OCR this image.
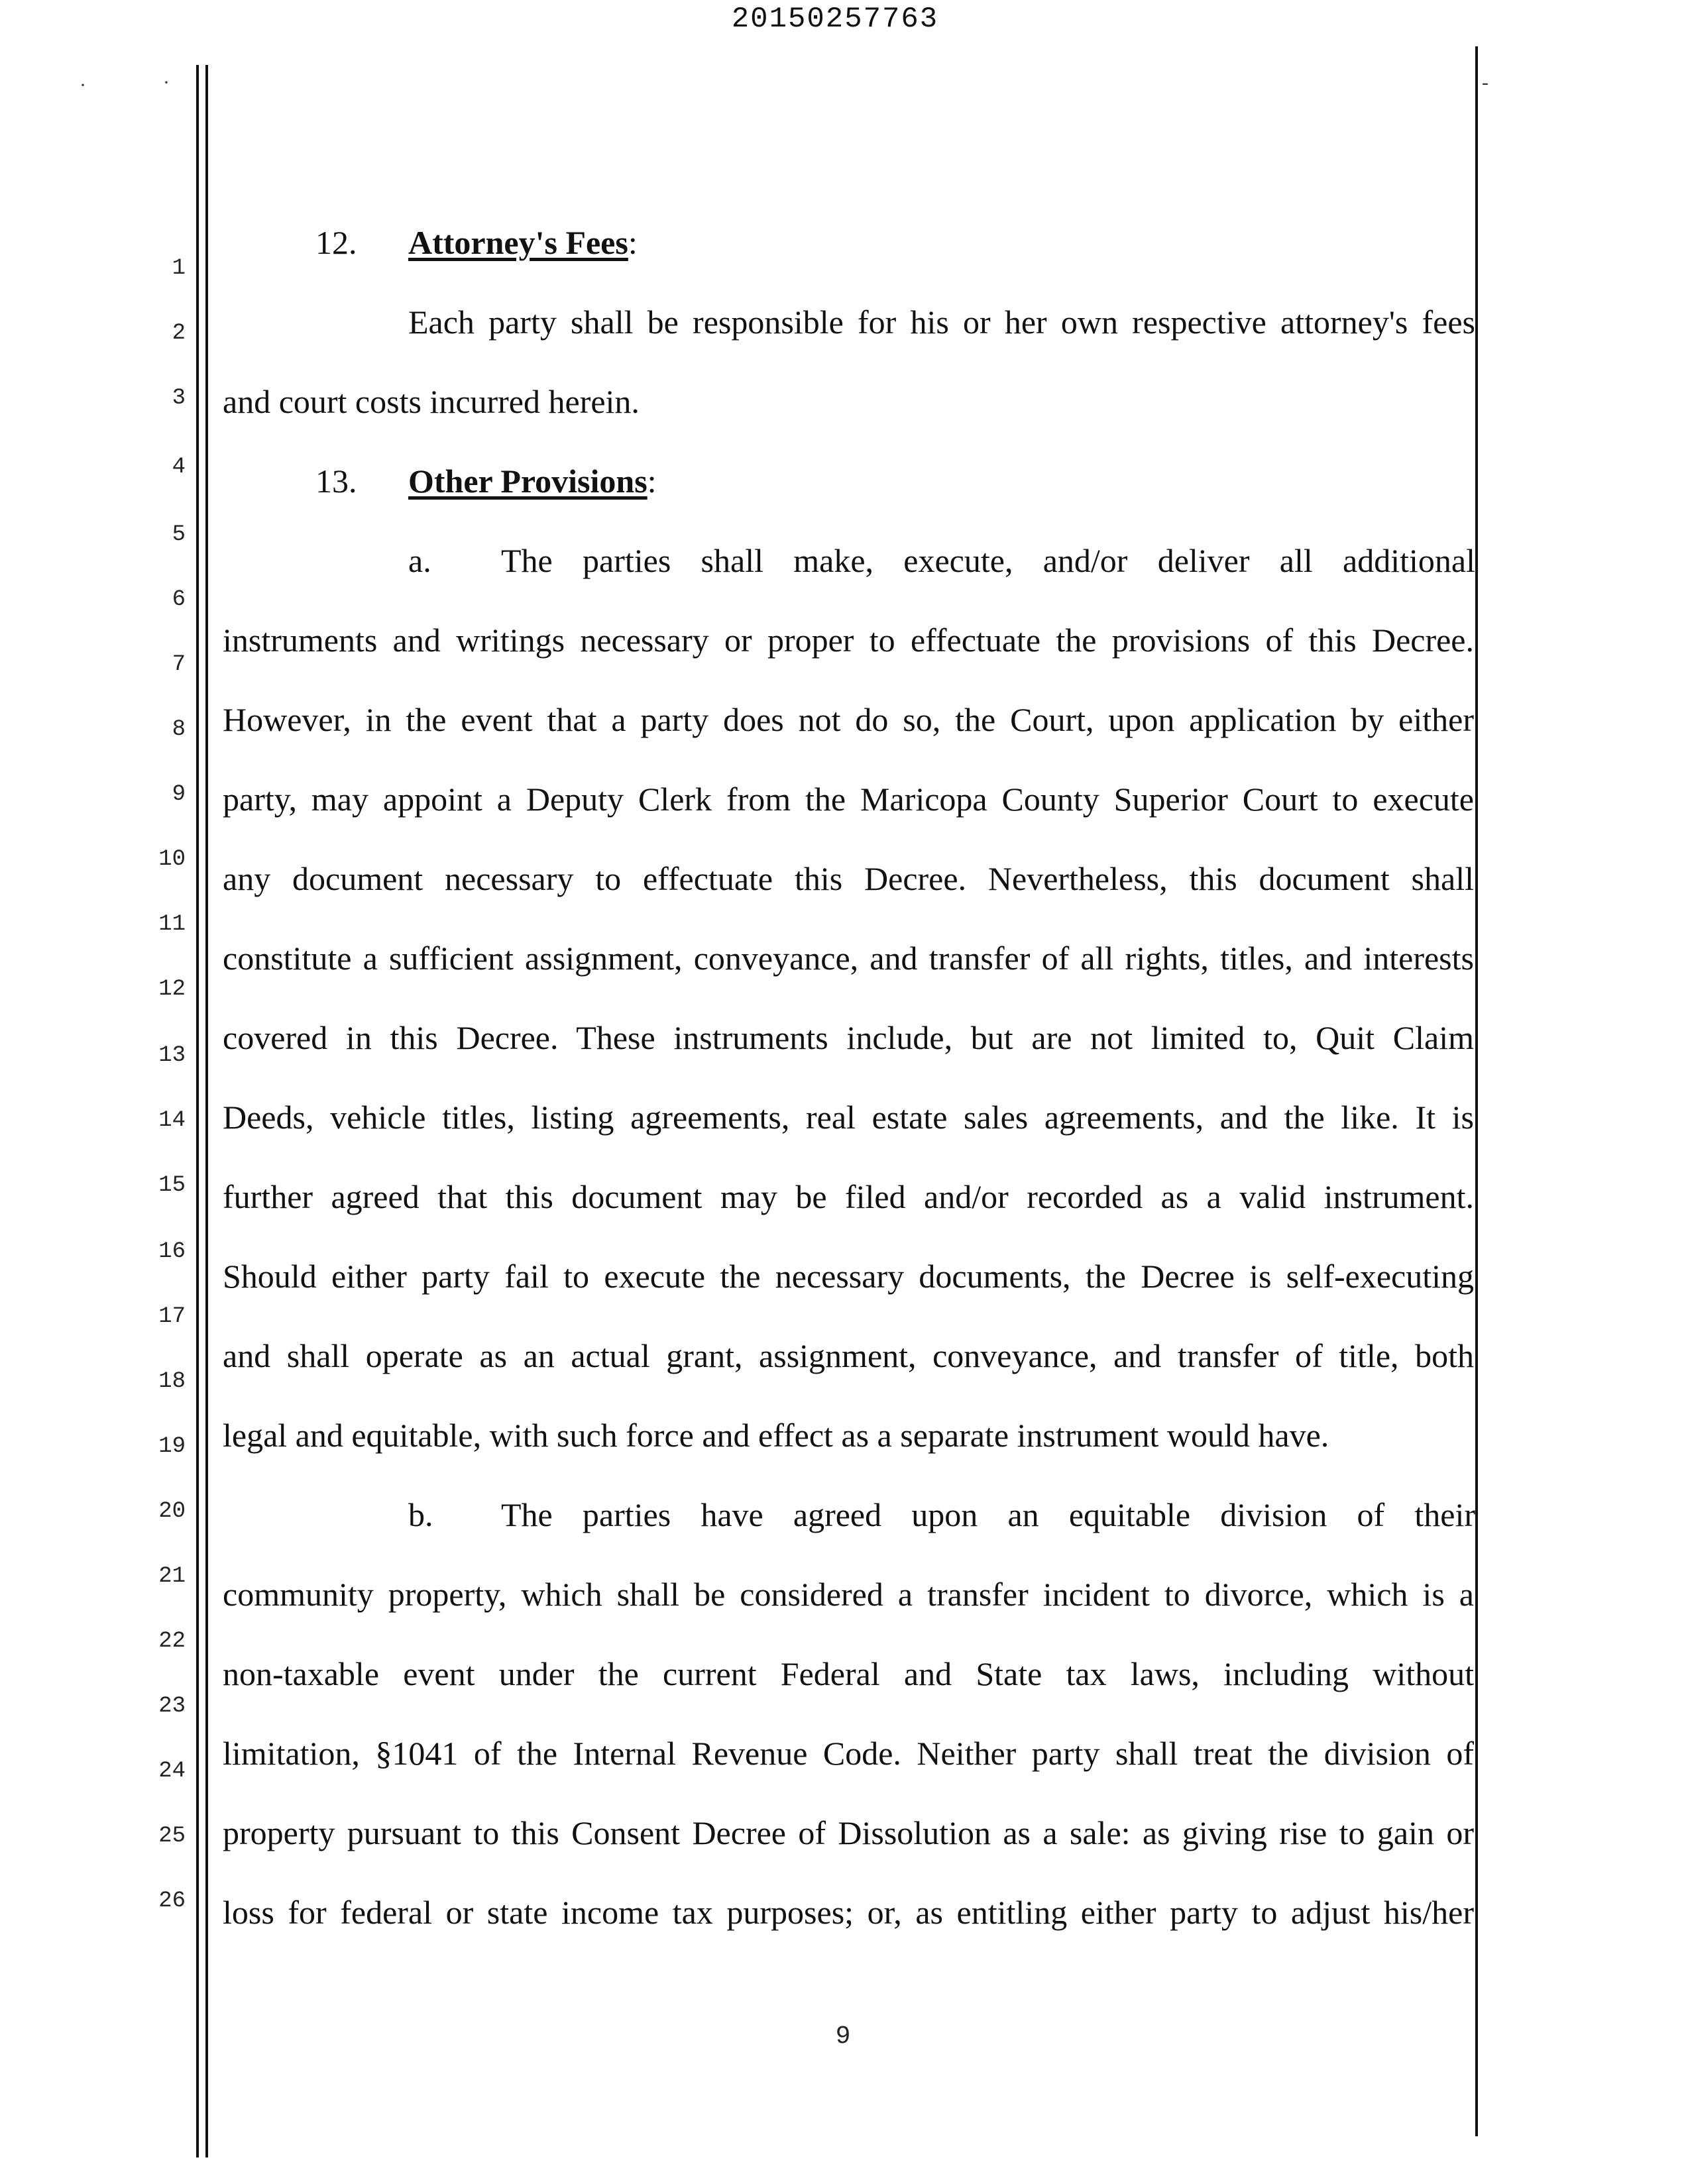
20150257763
·	·	-
1
2
3
4
5
6
7
8
9
10
11
12
13
14
15
16
17
18
19
20
21
22
23
24
25
26
12. Attorney's Fees:
Each party shall be responsible for his or her own respective attorney's fees
and court costs incurred herein.
13. Other Provisions:
a. The parties shall make, execute, and/or deliver all additional
instruments and writings necessary or proper to effectuate the provisions of this Decree.
However, in the event that a party does not do so, the Court, upon application by either
party, may appoint a Deputy Clerk from the Maricopa County Superior Court to execute
any document necessary to effectuate this Decree. Nevertheless, this document shall
constitute a sufficient assignment, conveyance, and transfer of all rights, titles, and interests
covered in this Decree. These instruments include, but are not limited to, Quit Claim
Deeds, vehicle titles, listing agreements, real estate sales agreements, and the like. It is
further agreed that this document may be filed and/or recorded as a valid instrument.
Should either party fail to execute the necessary documents, the Decree is self-executing
and shall operate as an actual grant, assignment, conveyance, and transfer of title, both
legal and equitable, with such force and effect as a separate instrument would have.
b. The parties have agreed upon an equitable division of their
community property, which shall be considered a transfer incident to divorce, which is a
non-taxable event under the current Federal and State tax laws, including without
limitation, §1041 of the Internal Revenue Code. Neither party shall treat the division of
property pursuant to this Consent Decree of Dissolution as a sale: as giving rise to gain or
loss for federal or state income tax purposes; or, as entitling either party to adjust his/her
9
